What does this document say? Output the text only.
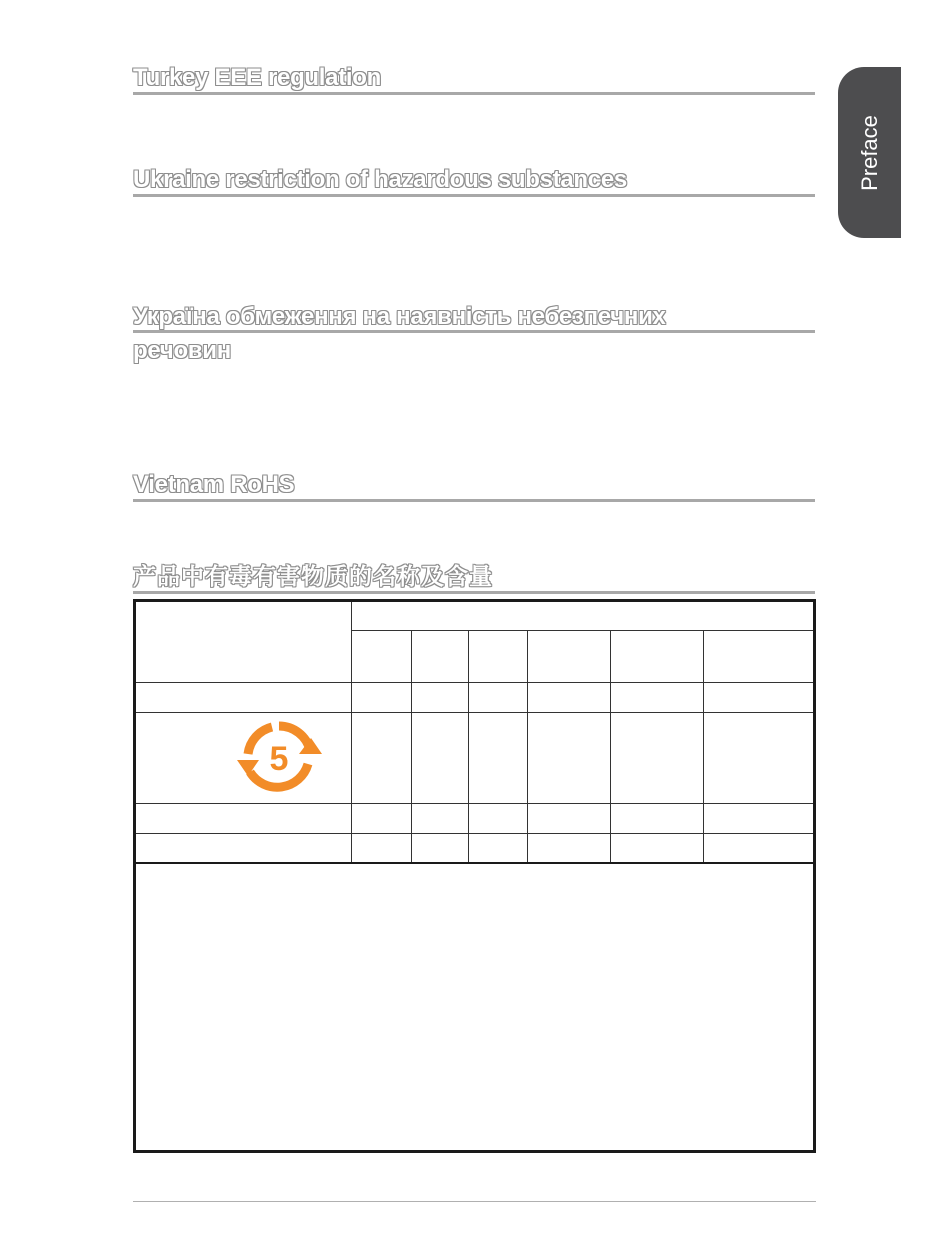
Preface
Turkey EEE regulation
Ukraine restriction of hazardous substances
Україна обмеження на наявність небезпечних
речовин
Vietnam RoHS
产品中有毒有害物质的名称及含量
5
